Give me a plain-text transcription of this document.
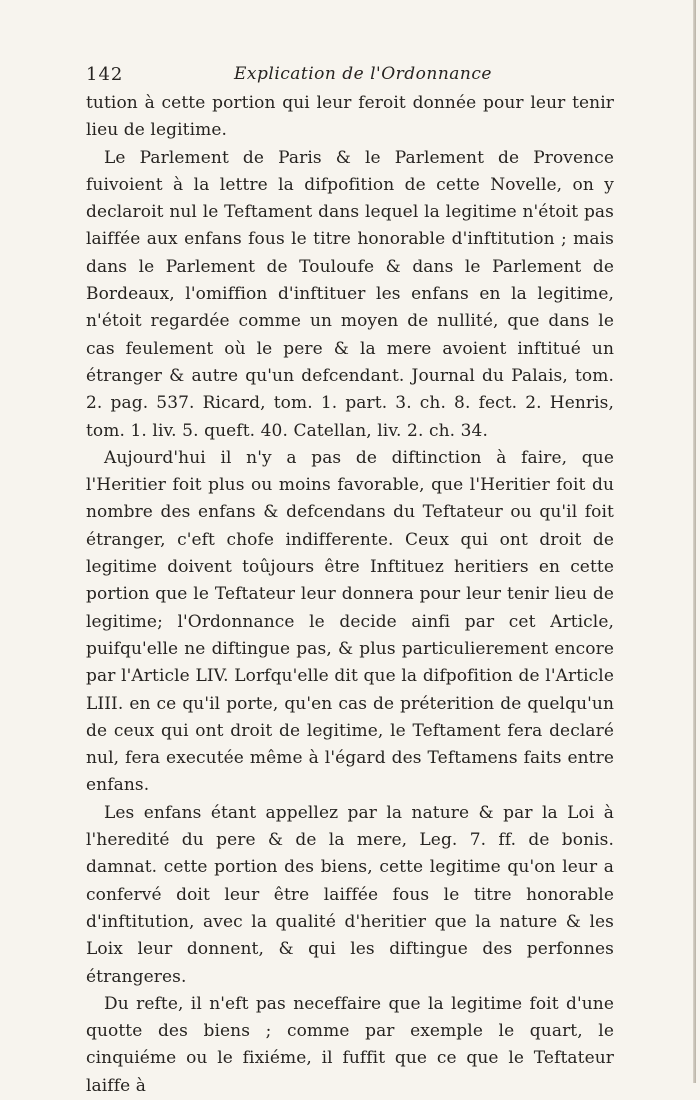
142	Explication de l'Ordonnance

tution à cette portion qui leur feroit donnée pour leur tenir lieu de legitime.

Le Parlement de Paris & le Parlement de Provence fuivoient à la lettre la difpofition de cette Novelle, on y declaroit nul le Teftament dans lequel la legitime n'étoit pas laiffée aux enfans fous le titre honorable d'inftitution ; mais dans le Parlement de Touloufe & dans le Parlement de Bordeaux, l'omiffion d'inftituer les enfans en la legitime, n'étoit regardée comme un moyen de nullité, que dans le cas feulement où le pere & la mere avoient inftitué un étranger & autre qu'un defcendant. Journal du Palais, tom. 2. pag. 537. Ricard, tom. 1. part. 3. ch. 8. fect. 2. Henris, tom. 1. liv. 5. queft. 40. Catellan, liv. 2. ch. 34.

Aujourd'hui il n'y a pas de diftinction à faire, que l'Heritier foit plus ou moins favorable, que l'Heritier foit du nombre des enfans & defcendans du Teftateur ou qu'il foit étranger, c'eft chofe indifferente. Ceux qui ont droit de legitime doivent toûjours être Inftituez heritiers en cette portion que le Teftateur leur donnera pour leur tenir lieu de legitime; l'Ordonnance le decide ainfi par cet Article, puifqu'elle ne diftingue pas, & plus particulierement encore par l'Article LIV. Lorfqu'elle dit que la difpofition de l'Article LIII. en ce qu'il porte, qu'en cas de préterition de quelqu'un de ceux qui ont droit de legitime, le Teftament fera declaré nul, fera executée même à l'égard des Teftamens faits entre enfans.

Les enfans étant appellez par la nature & par la Loi à l'heredité du pere & de la mere, Leg. 7. ff. de bonis. damnat. cette portion des biens, cette legitime qu'on leur a confervé doit leur être laiffée fous le titre honorable d'inftitution, avec la qualité d'heritier que la nature & les Loix leur donnent, & qui les diftingue des perfonnes étrangeres.

Du refte, il n'eft pas neceffaire que la legitime foit d'une quotte des biens ; comme par exemple le quart, le cinquiéme ou le fixiéme, il fuffit que ce que le Teftateur laiffe à
